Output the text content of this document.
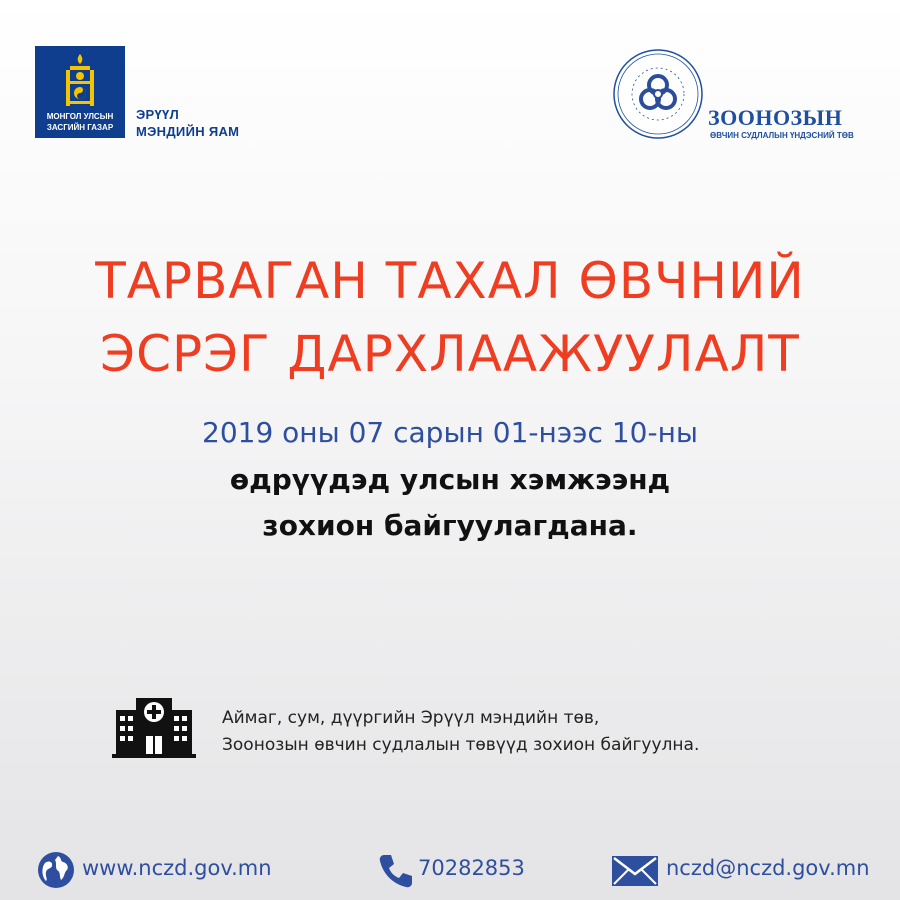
МОНГОЛ УЛСЫН
ЗАСГИЙН ГАЗАР
ЭРҮҮЛ
МЭНДИЙН ЯАМ
ЗООНОЗЫН
ӨВЧИН СУДЛАЛЫН ҮНДЭСНИЙ ТӨВ
ТАРВАГАН ТАХАЛ ӨВЧНИЙ
ЭСРЭГ ДАРХЛААЖУУЛАЛТ
2019 оны 07 сарын 01-нээс 10-ны
өдрүүдэд улсын хэмжээнд
зохион байгуулагдана.
Аймаг, сум, дүүргийн Эрүүл мэндийн төв,
Зоонозын өвчин судлалын төвүүд зохион байгуулна.
www.nczd.gov.mn	70282853	nczd@nczd.gov.mn
